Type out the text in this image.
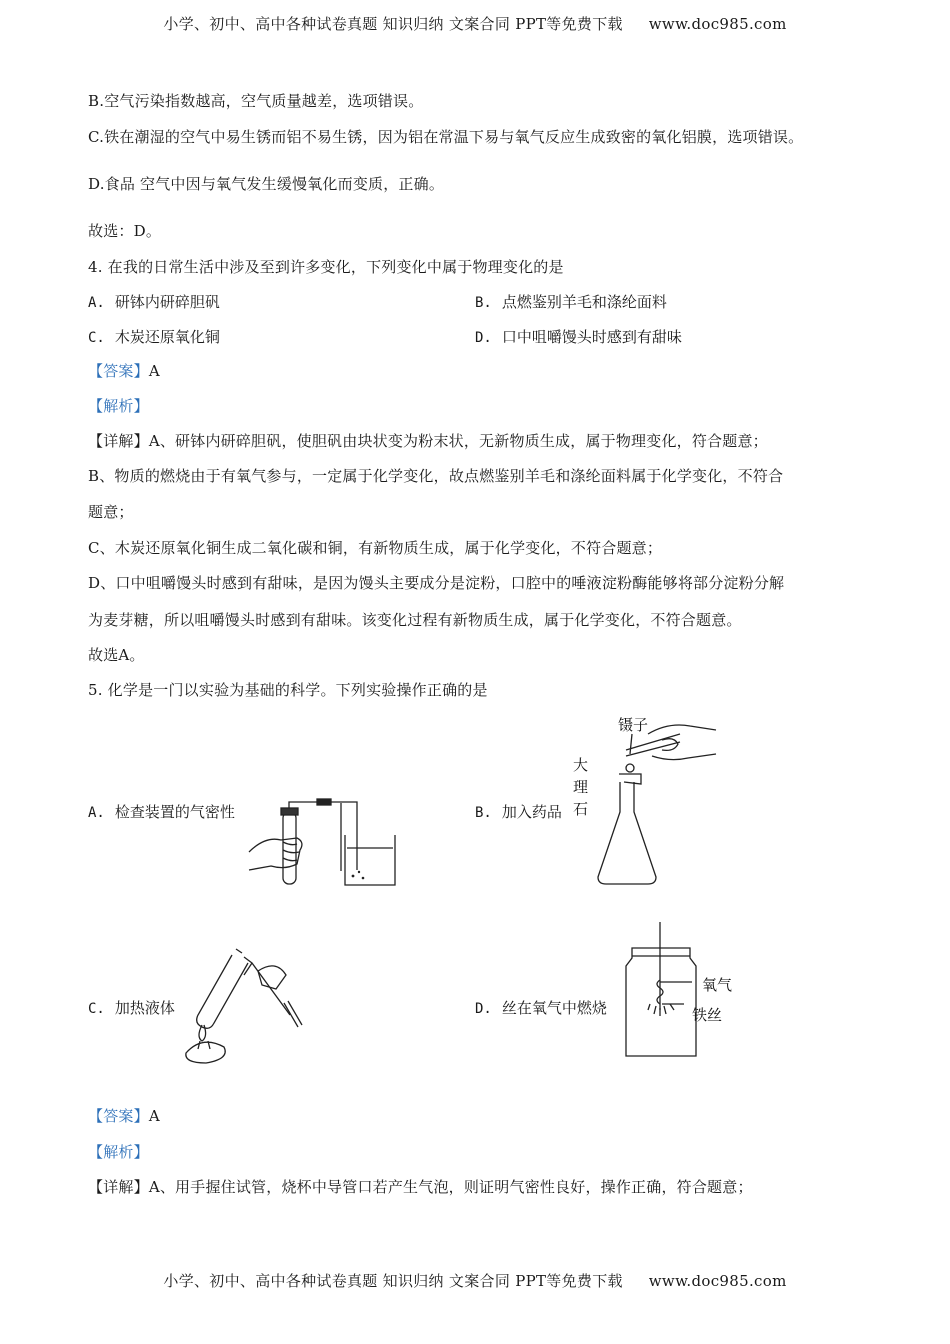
小学、初中、高中各种试卷真题 知识归纳 文案合同 PPT等免费下载 www.doc985.com
B.空气污染指数越高，空气质量越差，选项错误。
C.铁在潮湿的空气中易生锈而铝不易生锈，因为铝在常温下易与氧气反应生成致密的氧化铝膜，选项错误。
D.食品 空气中因与氧气发生缓慢氧化而变质，正确。
故选：D。
4. 在我的日常生活中涉及至到许多变化，下列变化中属于物理变化的是
A. 研钵内研碎胆矾	B. 点燃鉴别羊毛和涤纶面料
C. 木炭还原氧化铜	D. 口中咀嚼馒头时感到有甜味
【答案】A
【解析】
【详解】A、研钵内研碎胆矾，使胆矾由块状变为粉末状，无新物质生成，属于物理变化，符合题意；
B、物质的燃烧由于有氧气参与，一定属于化学变化，故点燃鉴别羊毛和涤纶面料属于化学变化，不符合
题意；
C、木炭还原氧化铜生成二氧化碳和铜，有新物质生成，属于化学变化，不符合题意；
D、口中咀嚼馒头时感到有甜味，是因为馒头主要成分是淀粉，口腔中的唾液淀粉酶能够将部分淀粉分解
为麦芽糖，所以咀嚼馒头时感到有甜味。该变化过程有新物质生成，属于化学变化，不符合题意。
故选A。
5. 化学是一门以实验为基础的科学。下列实验操作正确的是
A. 检查装置的气密性	B. 加入药品
镊子
大
理
石
C. 加热液体	D. 丝在氧气中燃烧
氧气
铁丝
【答案】A
【解析】
【详解】A、用手握住试管，烧杯中导管口若产生气泡，则证明气密性良好，操作正确，符合题意；
小学、初中、高中各种试卷真题 知识归纳 文案合同 PPT等免费下载 www.doc985.com
